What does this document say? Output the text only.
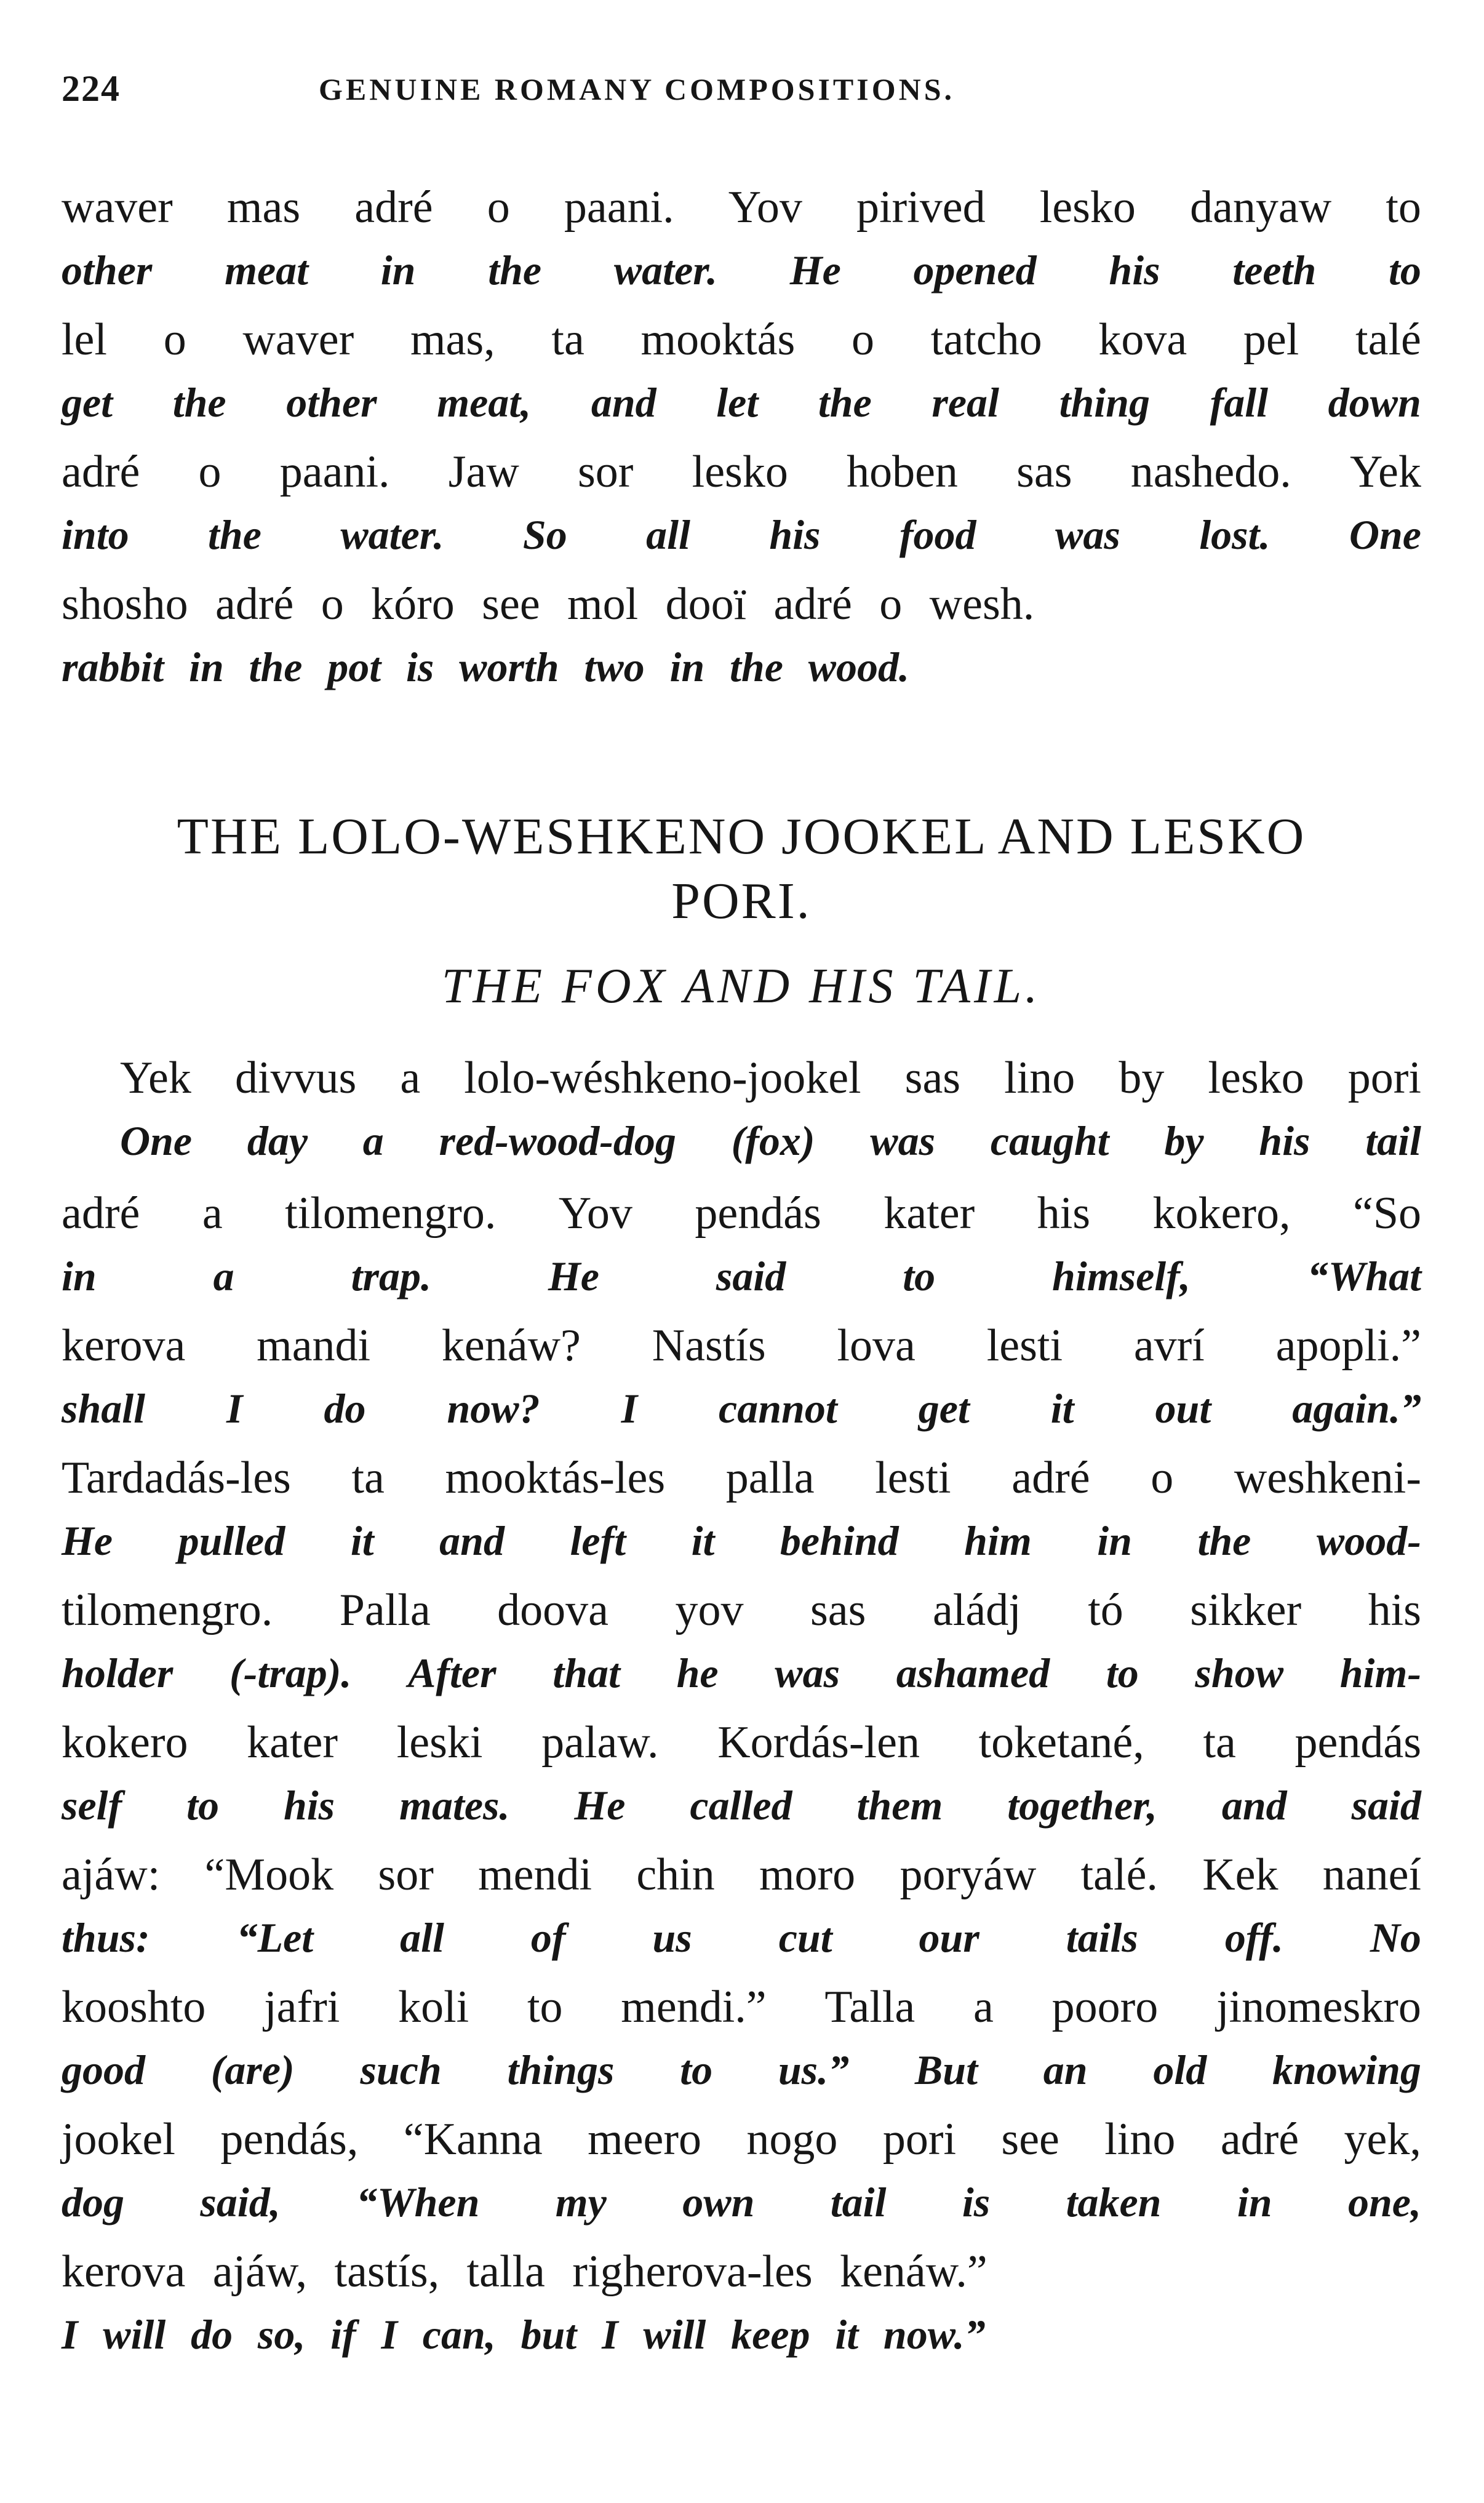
224	GENUINE ROMANY COMPOSITIONS.
waver mas adré o paani. Yov pirived lesko danyaw to
other meat in the water. He opened his teeth to
lel o waver mas, ta mooktás o tatcho kova pel talé
get the other meat, and let the real thing fall down
adré o paani. Jaw sor lesko hoben sas nashedo. Yek
into the water. So all his food was lost. One
shosho adré o kóro see mol dooï adré o wesh.
rabbit in the pot is worth two in the wood.
THE LOLO-WESHKENO JOOKEL AND LESKO
PORI.
THE FOX AND HIS TAIL.
Yek divvus a lolo-wéshkeno-jookel sas lino by lesko pori
One day a red-wood-dog (fox) was caught by his tail
adré a tilomengro. Yov pendás kater his kokero, “So
in	a	trap.	He	said	to	himself,	“What
kerova mandi kenáw? Nastís lova lesti avrí apopli.”
shall I do now? I cannot get it out again.”
Tardadás-les ta mooktás-les palla lesti adré o weshkeni-
He pulled it and left it behind him in the wood-
tilomengro. Palla doova yov sas aládj tó sikker his
holder (-trap). After that he was ashamed to show him-
kokero kater leski palaw. Kordás-len toketané, ta pendás
self to his mates. He called them together, and said
ajáw: “Mook sor mendi chin moro poryáw talé. Kek naneí
thus: “Let all of us cut our tails off. No
kooshto jafri koli to mendi.” Talla a pooro jinomeskro
good (are) such things to us.” But an old knowing
jookel pendás, “Kanna meero nogo pori see lino adré yek,
dog said, “When my own tail is taken in one,
kerova ajáw, tastís, talla righerova-les kenáw.”
I will do so, if I can, but I will keep it now.”
